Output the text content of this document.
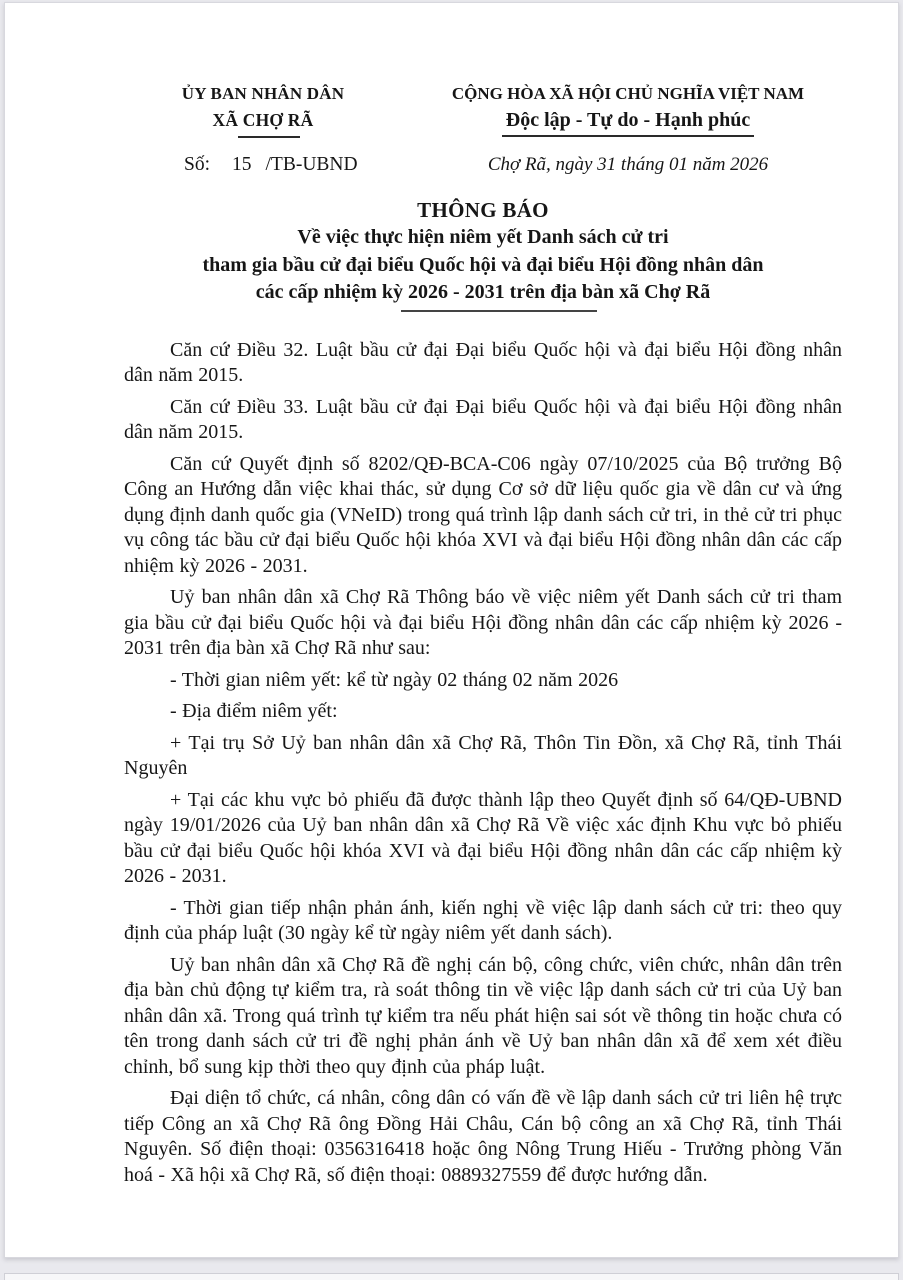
ỦY BAN NHÂN DÂN
XÃ CHỢ RÃ
CỘNG HÒA XÃ HỘI CHỦ NGHĨA VIỆT NAM
Độc lập - Tự do - Hạnh phúc
Số: 15 /TB-UBND	Chợ Rã, ngày 31 tháng 01 năm 2026
THÔNG BÁO
Về việc thực hiện niêm yết Danh sách cử tri
tham gia bầu cử đại biểu Quốc hội và đại biểu Hội đồng nhân dân
các cấp nhiệm kỳ 2026 - 2031 trên địa bàn xã Chợ Rã

Căn cứ Điều 32. Luật bầu cử đại Đại biểu Quốc hội và đại biểu Hội đồng nhân dân năm 2015.

Căn cứ Điều 33. Luật bầu cử đại Đại biểu Quốc hội và đại biểu Hội đồng nhân dân năm 2015.

Căn cứ Quyết định số 8202/QĐ-BCA-C06 ngày 07/10/2025 của Bộ trưởng Bộ Công an Hướng dẫn việc khai thác, sử dụng Cơ sở dữ liệu quốc gia về dân cư và ứng dụng định danh quốc gia (VNeID) trong quá trình lập danh sách cử tri, in thẻ cử tri phục vụ công tác bầu cử đại biểu Quốc hội khóa XVI và đại biểu Hội đồng nhân dân các cấp nhiệm kỳ 2026 - 2031.

Uỷ ban nhân dân xã Chợ Rã Thông báo về việc niêm yết Danh sách cử tri tham gia bầu cử đại biểu Quốc hội và đại biểu Hội đồng nhân dân các cấp nhiệm kỳ 2026 - 2031 trên địa bàn xã Chợ Rã như sau:

- Thời gian niêm yết: kể từ ngày 02 tháng 02 năm 2026

- Địa điểm niêm yết:

+ Tại trụ Sở Uỷ ban nhân dân xã Chợ Rã, Thôn Tin Đồn, xã Chợ Rã, tỉnh Thái Nguyên

+ Tại các khu vực bỏ phiếu đã được thành lập theo Quyết định số 64/QĐ-UBND ngày 19/01/2026 của Uỷ ban nhân dân xã Chợ Rã Về việc xác định Khu vực bỏ phiếu bầu cử đại biểu Quốc hội khóa XVI và đại biểu Hội đồng nhân dân các cấp nhiệm kỳ 2026 - 2031.

- Thời gian tiếp nhận phản ánh, kiến nghị về việc lập danh sách cử tri: theo quy định của pháp luật (30 ngày kể từ ngày niêm yết danh sách).

Uỷ ban nhân dân xã Chợ Rã đề nghị cán bộ, công chức, viên chức, nhân dân trên địa bàn chủ động tự kiểm tra, rà soát thông tin về việc lập danh sách cử tri của Uỷ ban nhân dân xã. Trong quá trình tự kiểm tra nếu phát hiện sai sót về thông tin hoặc chưa có tên trong danh sách cử tri đề nghị phản ánh về Uỷ ban nhân dân xã để xem xét điều chỉnh, bổ sung kịp thời theo quy định của pháp luật.

Đại diện tổ chức, cá nhân, công dân có vấn đề về lập danh sách cử tri liên hệ trực tiếp Công an xã Chợ Rã ông Đồng Hải Châu, Cán bộ công an xã Chợ Rã, tỉnh Thái Nguyên. Số điện thoại: 0356316418 hoặc ông Nông Trung Hiếu - Trưởng phòng Văn hoá - Xã hội xã Chợ Rã, số điện thoại: 0889327559 để được hướng dẫn.
